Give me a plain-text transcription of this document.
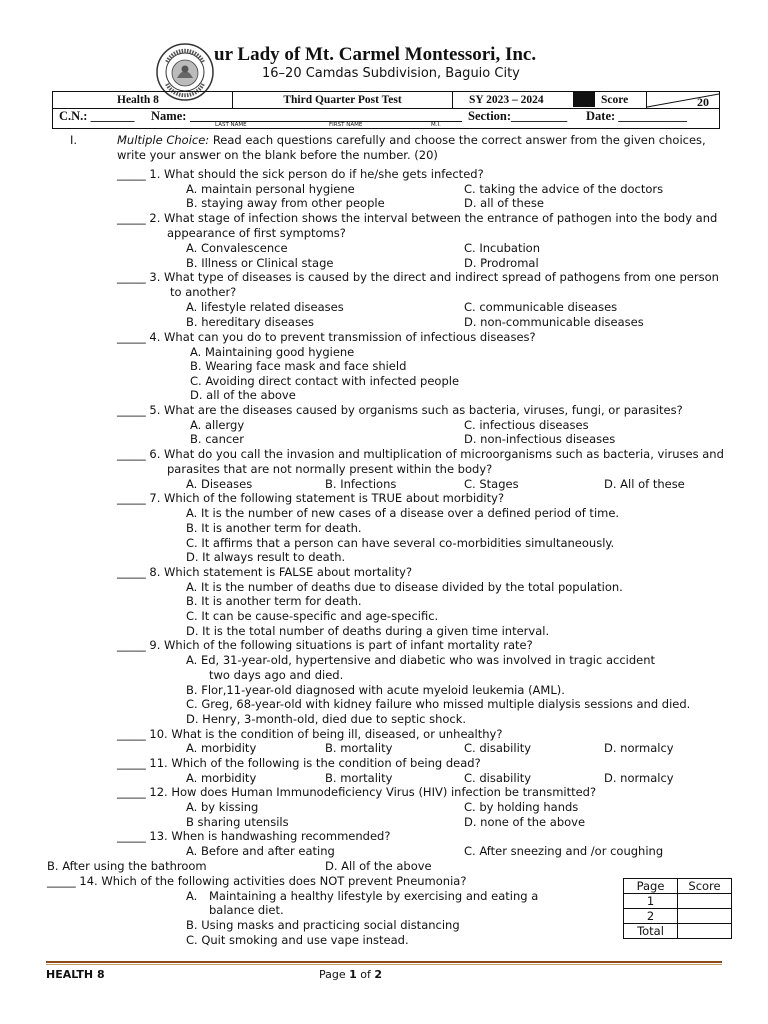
ur Lady of Mt. Carmel Montessori, Inc.
16–20 Camdas Subdivision, Baguio City
Health 8	Third Quarter Post Test	SY 2023 – 2024	Score	20
C.N.: _______ Name:
LAST NAME	FIRST NAME	M.I.
Section:_________ Date: ___________
I.	Multiple Choice: Read each questions carefully and choose the correct answer from the given choices,
write your answer on the blank before the number. (20)
_____ 1. What should the sick person do if he/she gets infected?
A. maintain personal hygiene	C. taking the advice of the doctors
B. staying away from other people	D. all of these
_____ 2. What stage of infection shows the interval between the entrance of pathogen into the body and
appearance of first symptoms?
A. Convalescence	C. Incubation
B. Illness or Clinical stage	D. Prodromal
_____ 3. What type of diseases is caused by the direct and indirect spread of pathogens from one person
to another?
A. lifestyle related diseases	C. communicable diseases
B. hereditary diseases	D. non-communicable diseases
_____ 4. What can you do to prevent transmission of infectious diseases?
A. Maintaining good hygiene
B. Wearing face mask and face shield
C. Avoiding direct contact with infected people
D. all of the above
_____ 5. What are the diseases caused by organisms such as bacteria, viruses, fungi, or parasites?
A. allergy	C. infectious diseases
B. cancer	D. non-infectious diseases
_____ 6. What do you call the invasion and multiplication of microorganisms such as bacteria, viruses and
parasites that are not normally present within the body?
A. Diseases	B. Infections	C. Stages	D. All of these
_____ 7. Which of the following statement is TRUE about morbidity?
A. It is the number of new cases of a disease over a defined period of time.
B. It is another term for death.
C. It affirms that a person can have several co-morbidities simultaneously.
D. It always result to death.
_____ 8. Which statement is FALSE about mortality?
A. It is the number of deaths due to disease divided by the total population.
B. It is another term for death.
C. It can be cause-specific and age-specific.
D. It is the total number of deaths during a given time interval.
_____ 9. Which of the following situations is part of infant mortality rate?
A. Ed, 31-year-old, hypertensive and diabetic who was involved in tragic accident
two days ago and died.
B. Flor,11-year-old diagnosed with acute myeloid leukemia (AML).
C. Greg, 68-year-old with kidney failure who missed multiple dialysis sessions and died.
D. Henry, 3-month-old, died due to septic shock.
_____ 10. What is the condition of being ill, diseased, or unhealthy?
A. morbidity	B. mortality	C. disability	D. normalcy
_____ 11. Which of the following is the condition of being dead?
A. morbidity	B. mortality	C. disability	D. normalcy
_____ 12. How does Human Immunodeficiency Virus (HIV) infection be transmitted?
A. by kissing	C. by holding hands
B sharing utensils	D. none of the above
_____ 13. When is handwashing recommended?
A. Before and after eating	C. After sneezing and /or coughing
B. After using the bathroom	D. All of the above
_____ 14. Which of the following activities does NOT prevent Pneumonia?
A. Maintaining a healthy lifestyle by exercising and eating a
balance diet.
B. Using masks and practicing social distancing
C. Quit smoking and use vape instead.
Page	Score
1	
2	
Total	
HEALTH 8	Page 1 of 2
